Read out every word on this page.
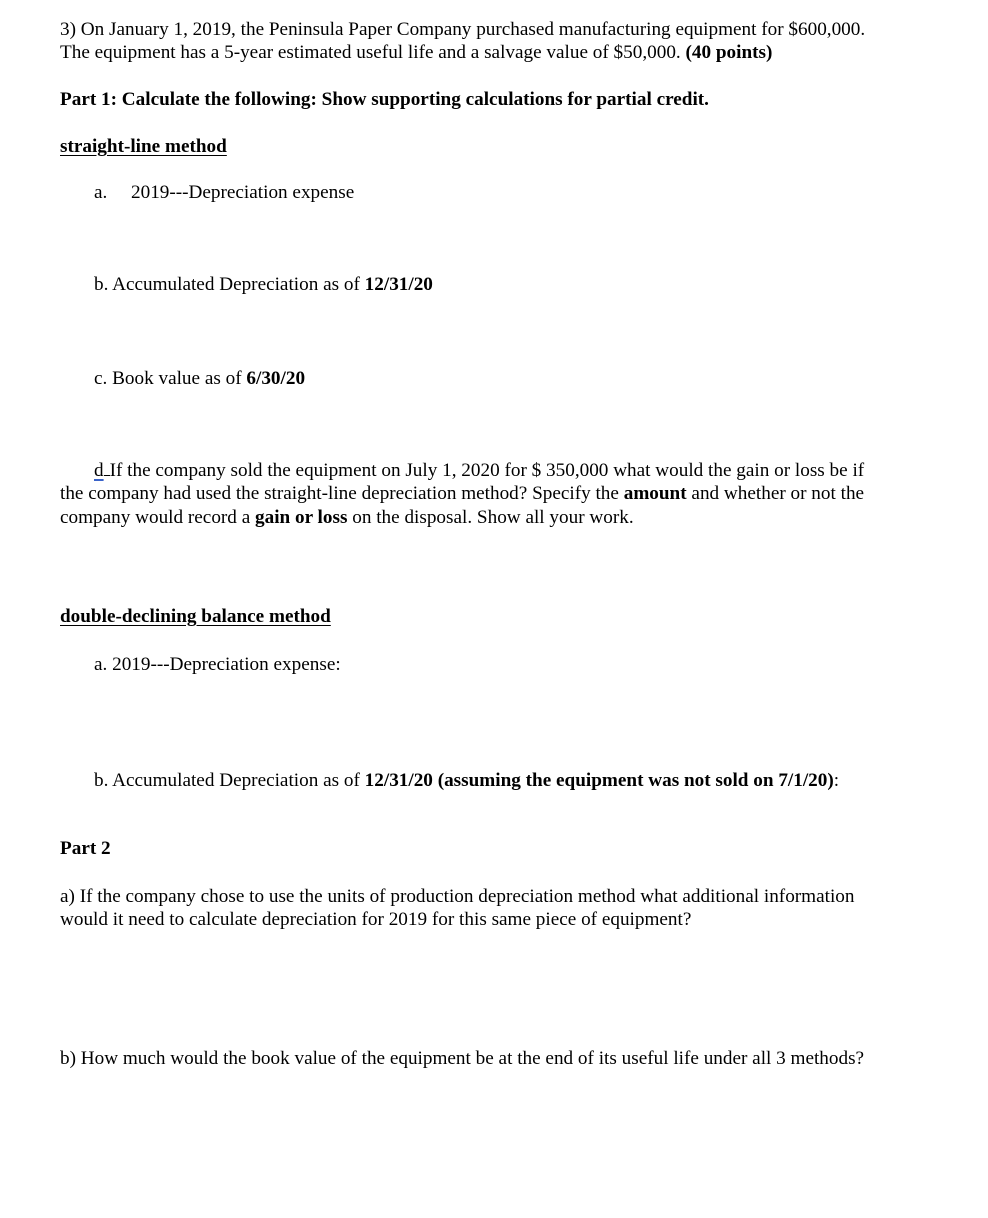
3) On January 1, 2019, the Peninsula Paper Company purchased manufacturing equipment for $600,000.

The equipment has a 5-year estimated useful life and a salvage value of $50,000. (40 points)

Part 1: Calculate the following: Show supporting calculations for partial credit.

straight-line method

a. 2019---Depreciation expense

b. Accumulated Depreciation as of 12/31/20

c. Book value as of 6/30/20

d If the company sold the equipment on July 1, 2020 for $ 350,000 what would the gain or loss be if

the company had used the straight-line depreciation method? Specify the amount and whether or not the

company would record a gain or loss on the disposal. Show all your work.

double-declining balance method

a. 2019---Depreciation expense:

b. Accumulated Depreciation as of 12/31/20 (assuming the equipment was not sold on 7/1/20):

Part 2

a) If the company chose to use the units of production depreciation method what additional information

would it need to calculate depreciation for 2019 for this same piece of equipment?

b) How much would the book value of the equipment be at the end of its useful life under all 3 methods?
